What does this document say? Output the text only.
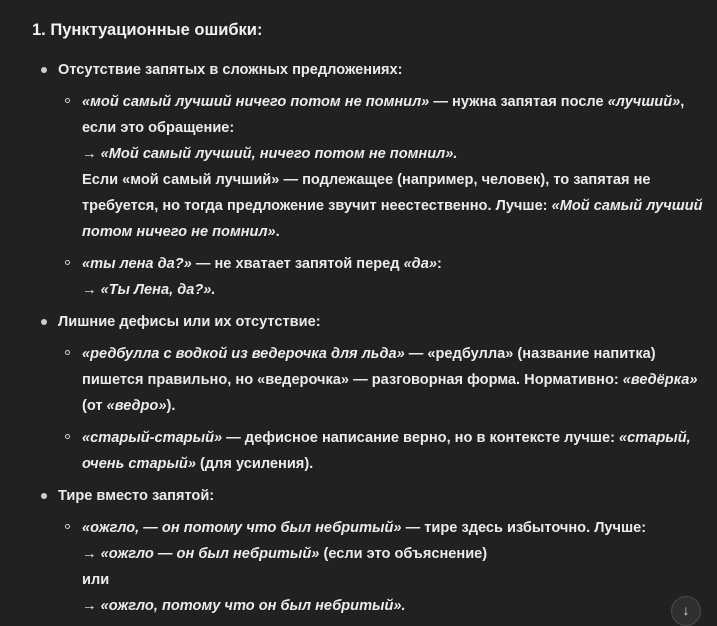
1. Пунктуационные ошибки:
Отсутствие запятых в сложных предложениях:
«мой самый лучший ничего потом не помнил» — нужна запятая после «лучший», если это обращение:
→ «Мой самый лучший, ничего потом не помнил».
Если «мой самый лучший» — подлежащее (например, человек), то запятая не требуется, но тогда предложение звучит неестественно. Лучше: «Мой самый лучший потом ничего не помнил».
«ты лена да?» — не хватает запятой перед «да»:
→ «Ты Лена, да?».
Лишние дефисы или их отсутствие:
«редбулла с водкой из ведерочка для льда» — «редбулла» (название напитка) пишется правильно, но «ведерочка» — разговорная форма. Нормативно: «ведёрка» (от «ведро»).
«старый-старый» — дефисное написание верно, но в контексте лучше: «старый, очень старый» (для усиления).
Тире вместо запятой:
«ожгло, — он потому что был небритый» — тире здесь избыточно. Лучше:
→ «ожгло — он был небритый» (если это объяснение)
или
→ «ожгло, потому что он был небритый».	↓
